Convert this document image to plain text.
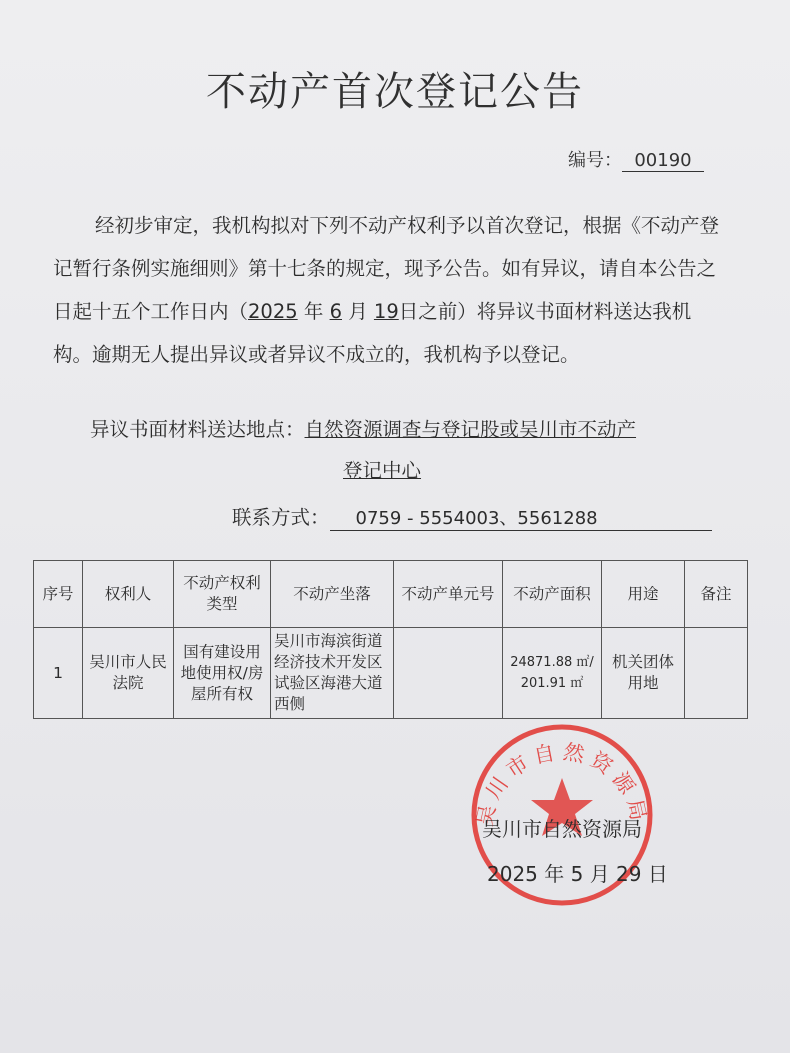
不动产首次登记公告
编号： 00190
经初步审定，我机构拟对下列不动产权利予以首次登记，根据《不动产登记暂行条例实施细则》第十七条的规定，现予公告。如有异议，请自本公告之日起十五个工作日内（2025 年 6 月 19日之前）将异议书面材料送达我机构。逾期无人提出异议或者异议不成立的，我机构予以登记。
异议书面材料送达地点：自然资源调查与登记股或吴川市不动产
登记中心
联系方式： 0759 - 5554003、5561288
序号	权利人	不动产权利类型	不动产坐落	不动产单元号	不动产面积	用途	备注
1	吴川市人民法院	国有建设用地使用权/房屋所有权	吴川市海滨街道经济技术开发区试验区海港大道西侧		24871.88 ㎡/ 201.91 ㎡	机关团体用地	
吴川市自然资源局
吴川市自然资源局
2025 年 5 月 29 日
